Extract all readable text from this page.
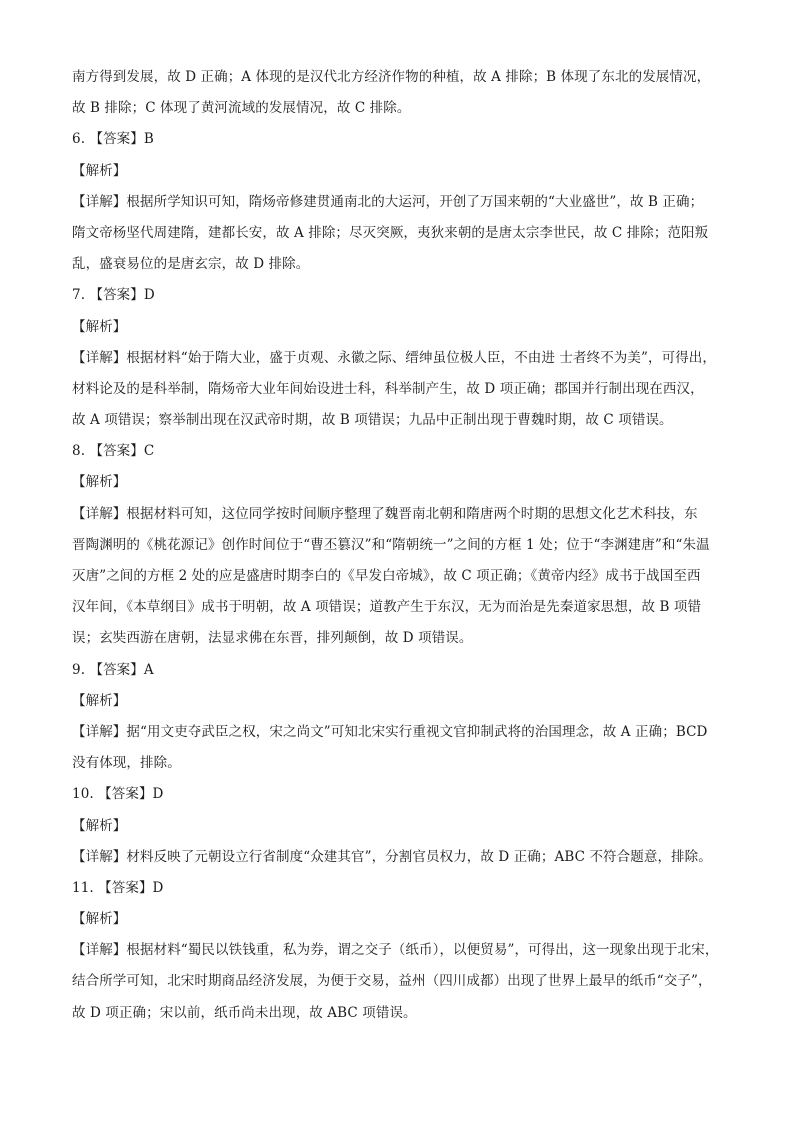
南方得到发展，故 D 正确；A 体现的是汉代北方经济作物的种植，故 A 排除；B 体现了东北的发展情况，
故 B 排除；C 体现了黄河流域的发展情况，故 C 排除。
6. 【答案】B
【解析】
【详解】根据所学知识可知，隋炀帝修建贯通南北的大运河，开创了万国来朝的“大业盛世”，故 B 正确；
隋文帝杨坚代周建隋，建都长安，故 A 排除；尽灭突厥，夷狄来朝的是唐太宗李世民，故 C 排除；范阳叛
乱，盛衰易位的是唐玄宗，故 D 排除。
7. 【答案】D
【解析】
【详解】根据材料“始于隋大业，盛于贞观、永徽之际、缙绅虽位极人臣，不由进 士者终不为美”，可得出，
材料论及的是科举制，隋炀帝大业年间始设进士科，科举制产生，故 D 项正确；郡国并行制出现在西汉，
故 A 项错误；察举制出现在汉武帝时期，故 B 项错误；九品中正制出现于曹魏时期，故 C 项错误。
8. 【答案】C
【解析】
【详解】根据材料可知，这位同学按时间顺序整理了魏晋南北朝和隋唐两个时期的思想文化艺术科技，东
晋陶渊明的《桃花源记》创作时间位于“曹丕篡汉”和“隋朝统一”之间的方框 1 处；位于“李渊建唐”和“朱温
灭唐”之间的方框 2 处的应是盛唐时期李白的《早发白帝城》，故 C 项正确；《黄帝内经》成书于战国至西
汉年间，《本草纲目》成书于明朝，故 A 项错误；道教产生于东汉，无为而治是先秦道家思想，故 B 项错
误；玄奘西游在唐朝，法显求佛在东晋，排列颠倒，故 D 项错误。
9. 【答案】A
【解析】
【详解】据“用文吏夺武臣之权，宋之尚文”可知北宋实行重视文官抑制武将的治国理念，故 A 正确；BCD
没有体现，排除。
10. 【答案】D
【解析】
【详解】材料反映了元朝设立行省制度“众建其官”，分割官员权力，故 D 正确；ABC 不符合题意，排除。
11. 【答案】D
【解析】
【详解】根据材料“蜀民以铁钱重，私为券，谓之交子（纸币），以便贸易”，可得出，这一现象出现于北宋，
结合所学可知，北宋时期商品经济发展，为便于交易，益州（四川成都）出现了世界上最早的纸币“交子”，
故 D 项正确；宋以前，纸币尚未出现，故 ABC 项错误。
